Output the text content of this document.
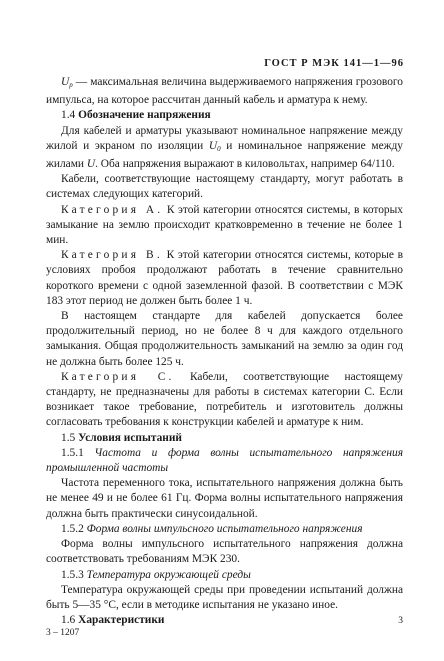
ГОСТ Р МЭК 141—1—96

$U_p$ — максимальная величина выдерживаемого напряжения грозового импульса, на которое рассчитан данный кабель и арматура к нему.

1.4 Обозначение напряжения

Для кабелей и арматуры указывают номинальное напряжение между жилой и экраном по изоляции $U_0$ и номинальное напряжение между жилами U. Оба напряжения выражают в киловольтах, например 64/110.

Кабели, соответствующие настоящему стандарту, могут работать в системах следующих категорий.

Категория А. К этой категории относятся системы, в которых замыкание на землю происходит кратковременно в течение не более 1 мин.

Категория В. К этой категории относятся системы, которые в условиях пробоя продолжают работать в течение сравнительно короткого времени с одной заземленной фазой. В соответствии с МЭК 183 этот период не должен быть более 1 ч.

В настоящем стандарте для кабелей допускается более продолжительный период, но не более 8 ч для каждого отдельного замыкания. Общая продолжительность замыканий на землю за один год не должна быть более 125 ч.

Категория С. Кабели, соответствующие настоящему стандарту, не предназначены для работы в системах категории С. Если возникает такое требование, потребитель и изготовитель должны согласовать требования к конструкции кабелей и арматуре к ним.

1.5 Условия испытаний

1.5.1 Частота и форма волны испытательного напряжения промышленной частоты

Частота переменного тока, испытательного напряжения должна быть не менее 49 и не более 61 Гц. Форма волны испытательного напряжения должна быть практически синусоидальной.

1.5.2 Форма волны импульсного испытательного напряжения

Форма волны импульсного испытательного напряжения должна соответствовать требованиям МЭК 230.

1.5.3 Температура окружающей среды

Температура окружающей среды при проведении испытаний должна быть 5—35 °С, если в методике испытания не указано иное.

1.6 Характеристики

3 – 1207
3
